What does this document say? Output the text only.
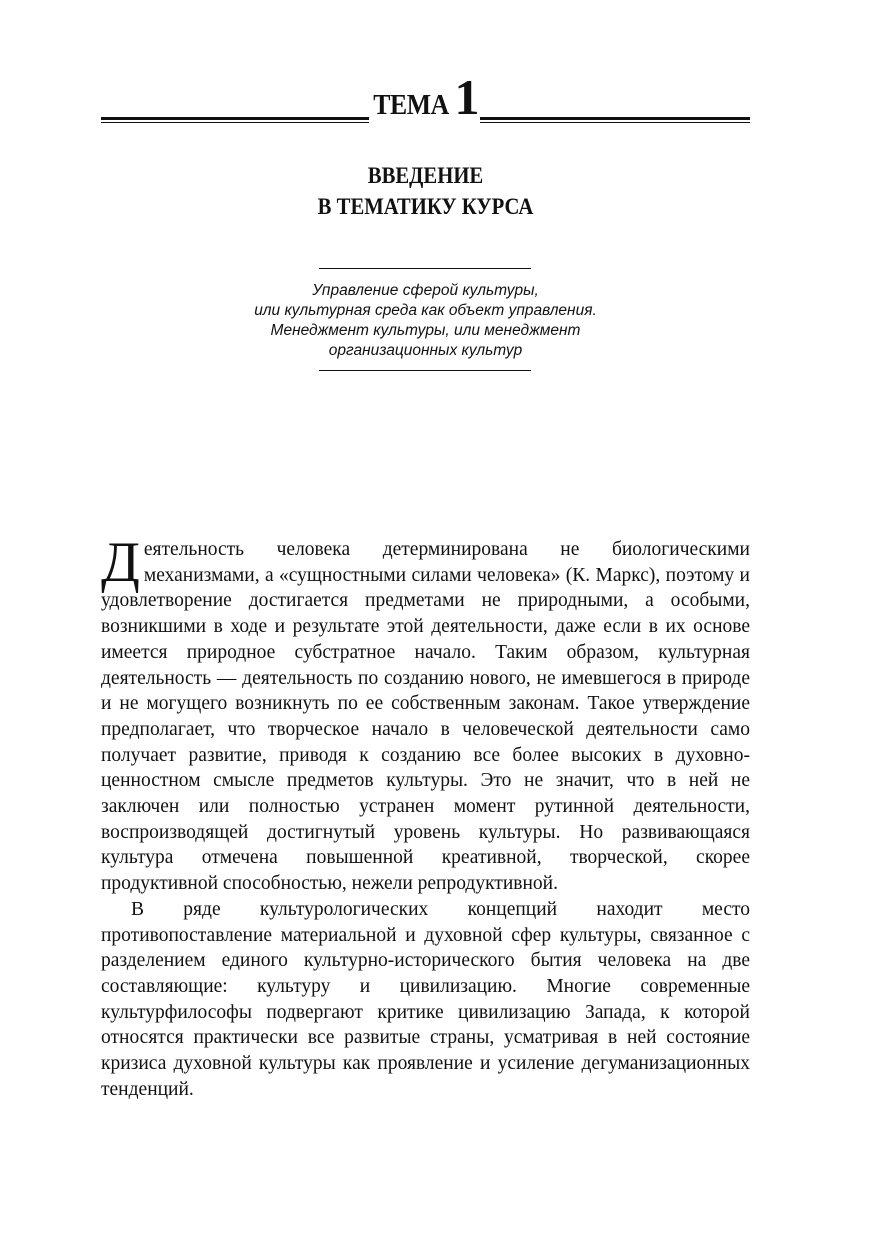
ТЕМА 1
ВВЕДЕНИЕ
В ТЕМАТИКУ КУРСА
Управление сферой культуры,
или культурная среда как объект управления.
Менеджмент культуры, или менеджмент
организационных культур

Деятельность человека детерминирована не биологическими механизмами, а «сущностными силами человека» (К. Маркс), поэтому и удовлетворение достигается предметами не природными, а особыми, возникшими в ходе и результате этой деятельности, даже если в их основе имеется природное субстратное начало. Таким образом, культурная деятельность — деятельность по созданию нового, не имевшегося в природе и не могущего возникнуть по ее собственным законам. Такое утверждение предполагает, что творческое начало в человеческой деятельности само получает развитие, приводя к созданию все более высоких в духовно-ценностном смысле предметов культуры. Это не значит, что в ней не заключен или полностью устранен момент рутинной деятельности, воспроизводящей достигнутый уровень культуры. Но развивающаяся культура отмечена повышенной креативной, творческой, скорее продуктивной способностью, нежели репродуктивной.

В ряде культурологических концепций находит место противопоставление материальной и духовной сфер культуры, связанное с разделением единого культурно-исторического бытия человека на две составляющие: культуру и цивилизацию. Многие современные культурфилософы подвергают критике цивилизацию Запада, к которой относятся практически все развитые страны, усматривая в ней состояние кризиса духовной культуры как проявление и усиление дегуманизационных тенденций.
